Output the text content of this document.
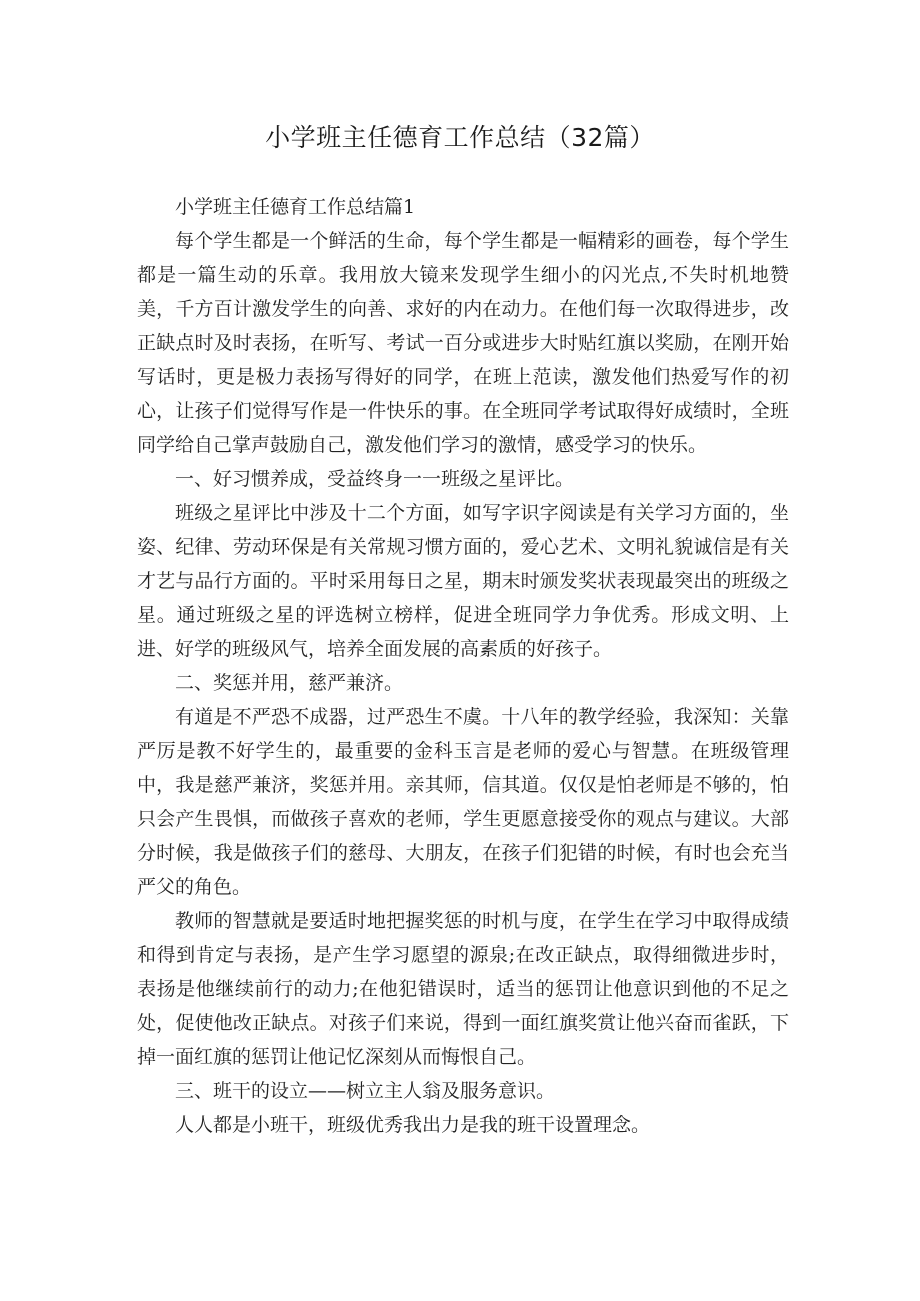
小学班主任德育工作总结（32篇）

小学班主任德育工作总结篇1

每个学生都是一个鲜活的生命，每个学生都是一幅精彩的画卷，每个学生都是一篇生动的乐章。我用放大镜来发现学生细小的闪光点,不失时机地赞美，千方百计激发学生的向善、求好的内在动力。在他们每一次取得进步，改正缺点时及时表扬，在听写、考试一百分或进步大时贴红旗以奖励，在刚开始写话时，更是极力表扬写得好的同学，在班上范读，激发他们热爱写作的初心，让孩子们觉得写作是一件快乐的事。在全班同学考试取得好成绩时，全班同学给自己掌声鼓励自己，激发他们学习的激情，感受学习的快乐。

一、好习惯养成，受益终身一一班级之星评比。

班级之星评比中涉及十二个方面，如写字识字阅读是有关学习方面的，坐姿、纪律、劳动环保是有关常规习惯方面的，爱心艺术、文明礼貌诚信是有关才艺与品行方面的。平时采用每日之星，期末时颁发奖状表现最突出的班级之星。通过班级之星的评选树立榜样，促进全班同学力争优秀。形成文明、上进、好学的班级风气，培养全面发展的高素质的好孩子。

二、奖惩并用，慈严兼济。

有道是不严恐不成器，过严恐生不虞。十八年的教学经验，我深知：关靠严厉是教不好学生的，最重要的金科玉言是老师的爱心与智慧。在班级管理中，我是慈严兼济，奖惩并用。亲其师，信其道。仅仅是怕老师是不够的，怕只会产生畏惧，而做孩子喜欢的老师，学生更愿意接受你的观点与建议。大部分时候，我是做孩子们的慈母、大朋友，在孩子们犯错的时候，有时也会充当严父的角色。

教师的智慧就是要适时地把握奖惩的时机与度，在学生在学习中取得成绩和得到肯定与表扬，是产生学习愿望的源泉;在改正缺点，取得细微进步时，表扬是他继续前行的动力;在他犯错误时，适当的惩罚让他意识到他的不足之处，促使他改正缺点。对孩子们来说，得到一面红旗奖赏让他兴奋而雀跃，下掉一面红旗的惩罚让他记忆深刻从而悔恨自己。

三、班干的设立——树立主人翁及服务意识。

人人都是小班干，班级优秀我出力是我的班干设置理念。
